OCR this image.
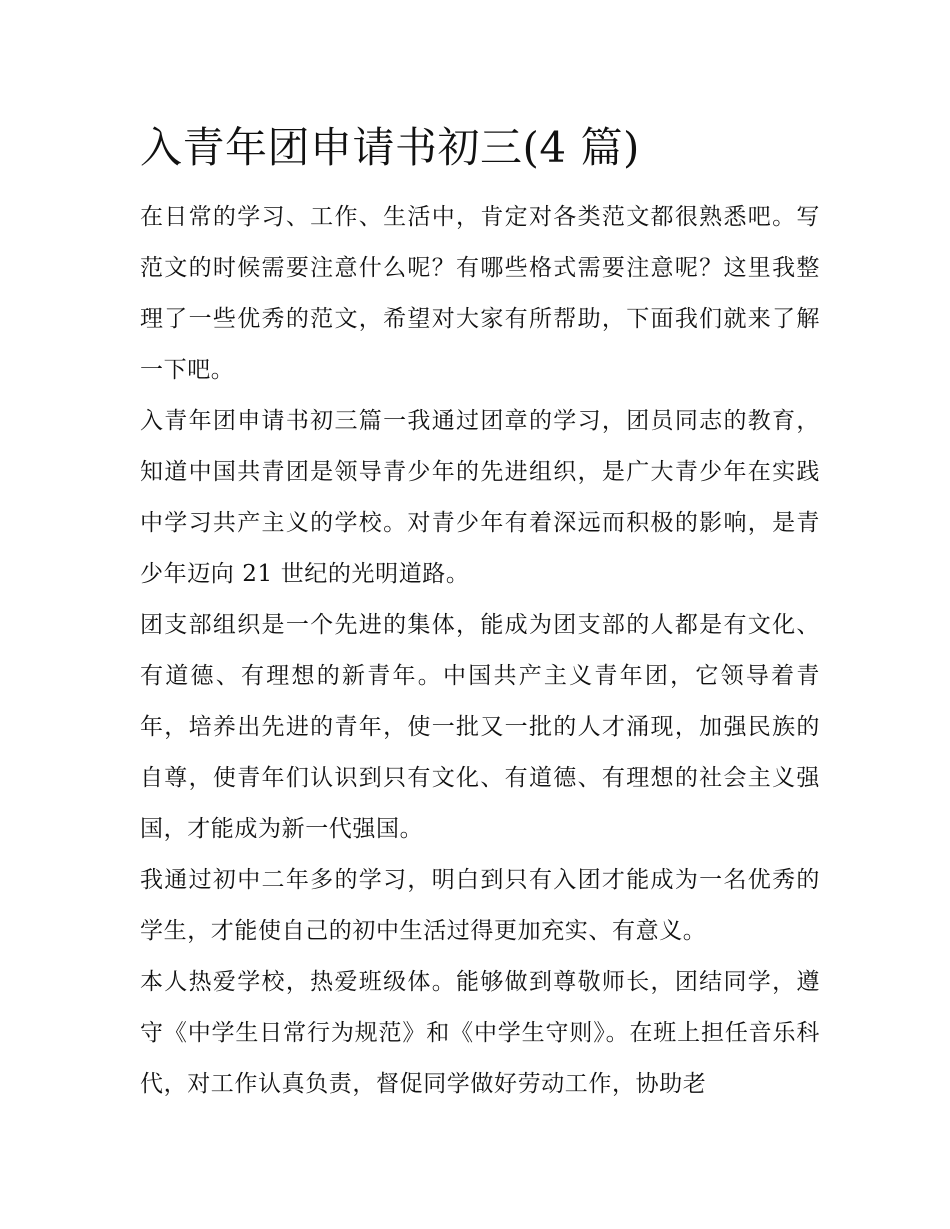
入青年团申请书初三(4 篇)

在日常的学习、工作、生活中，肯定对各类范文都很熟悉吧。写范文的时候需要注意什么呢？有哪些格式需要注意呢？这里我整理了一些优秀的范文，希望对大家有所帮助，下面我们就来了解一下吧。

入青年团申请书初三篇一我通过团章的学习，团员同志的教育，知道中国共青团是领导青少年的先进组织，是广大青少年在实践中学习共产主义的学校。对青少年有着深远而积极的影响，是青少年迈向 21 世纪的光明道路。

团支部组织是一个先进的集体，能成为团支部的人都是有文化、有道德、有理想的新青年。中国共产主义青年团，它领导着青年，培养出先进的青年，使一批又一批的人才涌现，加强民族的自尊，使青年们认识到只有文化、有道德、有理想的社会主义强国，才能成为新一代强国。

我通过初中二年多的学习，明白到只有入团才能成为一名优秀的学生，才能使自己的初中生活过得更加充实、有意义。

本人热爱学校，热爱班级体。能够做到尊敬师长，团结同学，遵守《中学生日常行为规范》和《中学生守则》。在班上担任音乐科代，对工作认真负责，督促同学做好劳动工作，协助老
